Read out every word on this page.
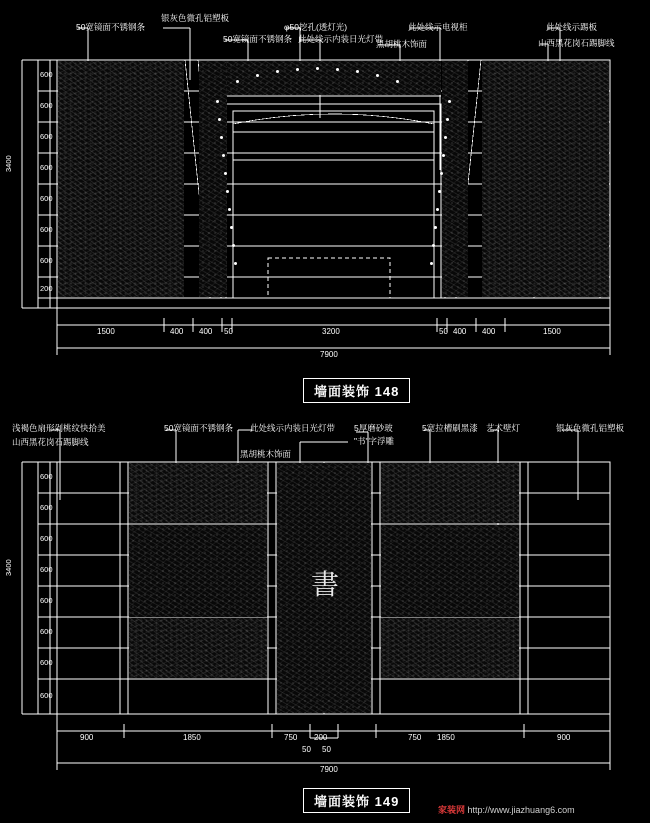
書
50宽镜面不锈钢条
银灰色微孔铝塑板
50宽镜面不锈钢条
φ50挖孔(透灯光)
此处线示内装日光灯带
此处线示电视柜
黑胡桃木饰面
此处线示踢板
山西黑花岗石踢脚线
600
600
600
600
600
600
600
200
3400
1500	400 400 50	3200	50 400 400	1500
7900
墙面装饰 148
浅褐色扇形剁桃纹快拾美
山西黑花岗石踢脚线
50宽镜面不锈钢条 此处线示内装日光灯带
黑胡桃木饰面
5厚磨砂玻
"书"字浮雕
5宽拉槽刷黑漆 艺术壁灯	银灰色微孔铝塑板
600
600
600
600
600
600
600
600
3400
900	1850	750 200	750 1850	900
50 50
7900
墙面装饰 149
家装网 http://www.jiazhuang6.com
